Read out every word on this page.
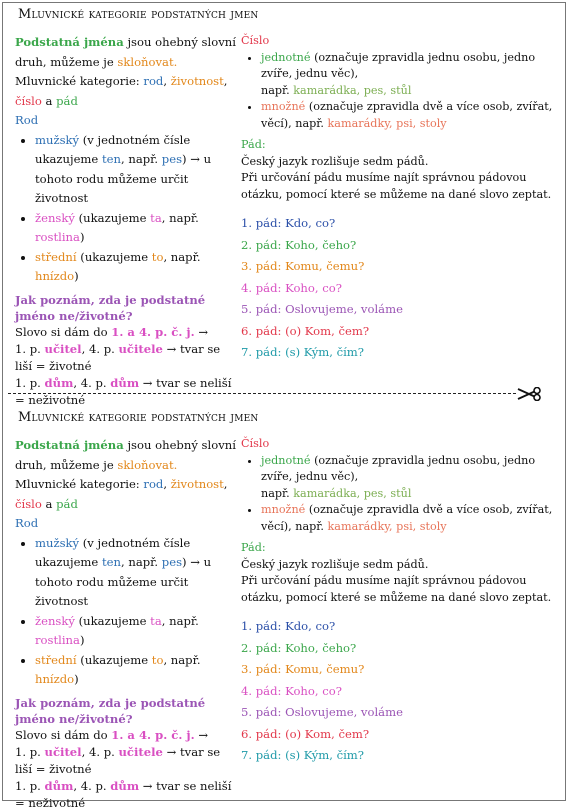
Mluvnické kategorie podstatných jmen
Podstatná jména jsou ohebný slovní druh, můžeme je skloňovat. Mluvnické kategorie: rod, životnost, číslo a pád
Rod
• mužský (v jednotném čísle ukazujeme ten, např. pes) → u tohoto rodu můžeme určit životnost
• ženský (ukazujeme ta, např. rostlina)
• střední (ukazujeme to, např. hnízdo)
Jak poznám, zda je podstatné jméno ne/životné?
Slovo si dám do 1. a 4. p. č. j. →
1. p. učitel, 4. p. učitele → tvar se liší = životné
1. p. dům, 4. p. dům → tvar se neliší = neživotné
Číslo
• jednotné (označuje zpravidla jednu osobu, jedno zvíře, jednu věc),
např. kamarádka, pes, stůl
• množné (označuje zpravidla dvě a více osob, zvířat, věcí), např. kamarádky, psi, stoly
Pád:
Český jazyk rozlišuje sedm pádů.
Při určování pádu musíme najít správnou pádovou otázku, pomocí které se můžeme na dané slovo zeptat.
1. pád: Kdo, co?
2. pád: Koho, čeho?
3. pád: Komu, čemu?
4. pád: Koho, co?
5. pád: Oslovujeme, voláme
6. pád: (o) Kom, čem?
7. pád: (s) Kým, čím?
Mluvnické kategorie podstatných jmen
Podstatná jména jsou ohebný slovní druh, můžeme je skloňovat. Mluvnické kategorie: rod, životnost, číslo a pád
Rod
• mužský (v jednotném čísle ukazujeme ten, např. pes) → u tohoto rodu můžeme určit životnost
• ženský (ukazujeme ta, např. rostlina)
• střední (ukazujeme to, např. hnízdo)
Jak poznám, zda je podstatné jméno ne/životné?
Slovo si dám do 1. a 4. p. č. j. →
1. p. učitel, 4. p. učitele → tvar se liší = životné
1. p. dům, 4. p. dům → tvar se neliší = neživotné
Číslo
• jednotné (označuje zpravidla jednu osobu, jedno zvíře, jednu věc),
např. kamarádka, pes, stůl
• množné (označuje zpravidla dvě a více osob, zvířat, věcí), např. kamarádky, psi, stoly
Pád:
Český jazyk rozlišuje sedm pádů.
Při určování pádu musíme najít správnou pádovou otázku, pomocí které se můžeme na dané slovo zeptat.
1. pád: Kdo, co?
2. pád: Koho, čeho?
3. pád: Komu, čemu?
4. pád: Koho, co?
5. pád: Oslovujeme, voláme
6. pád: (o) Kom, čem?
7. pád: (s) Kým, čím?
